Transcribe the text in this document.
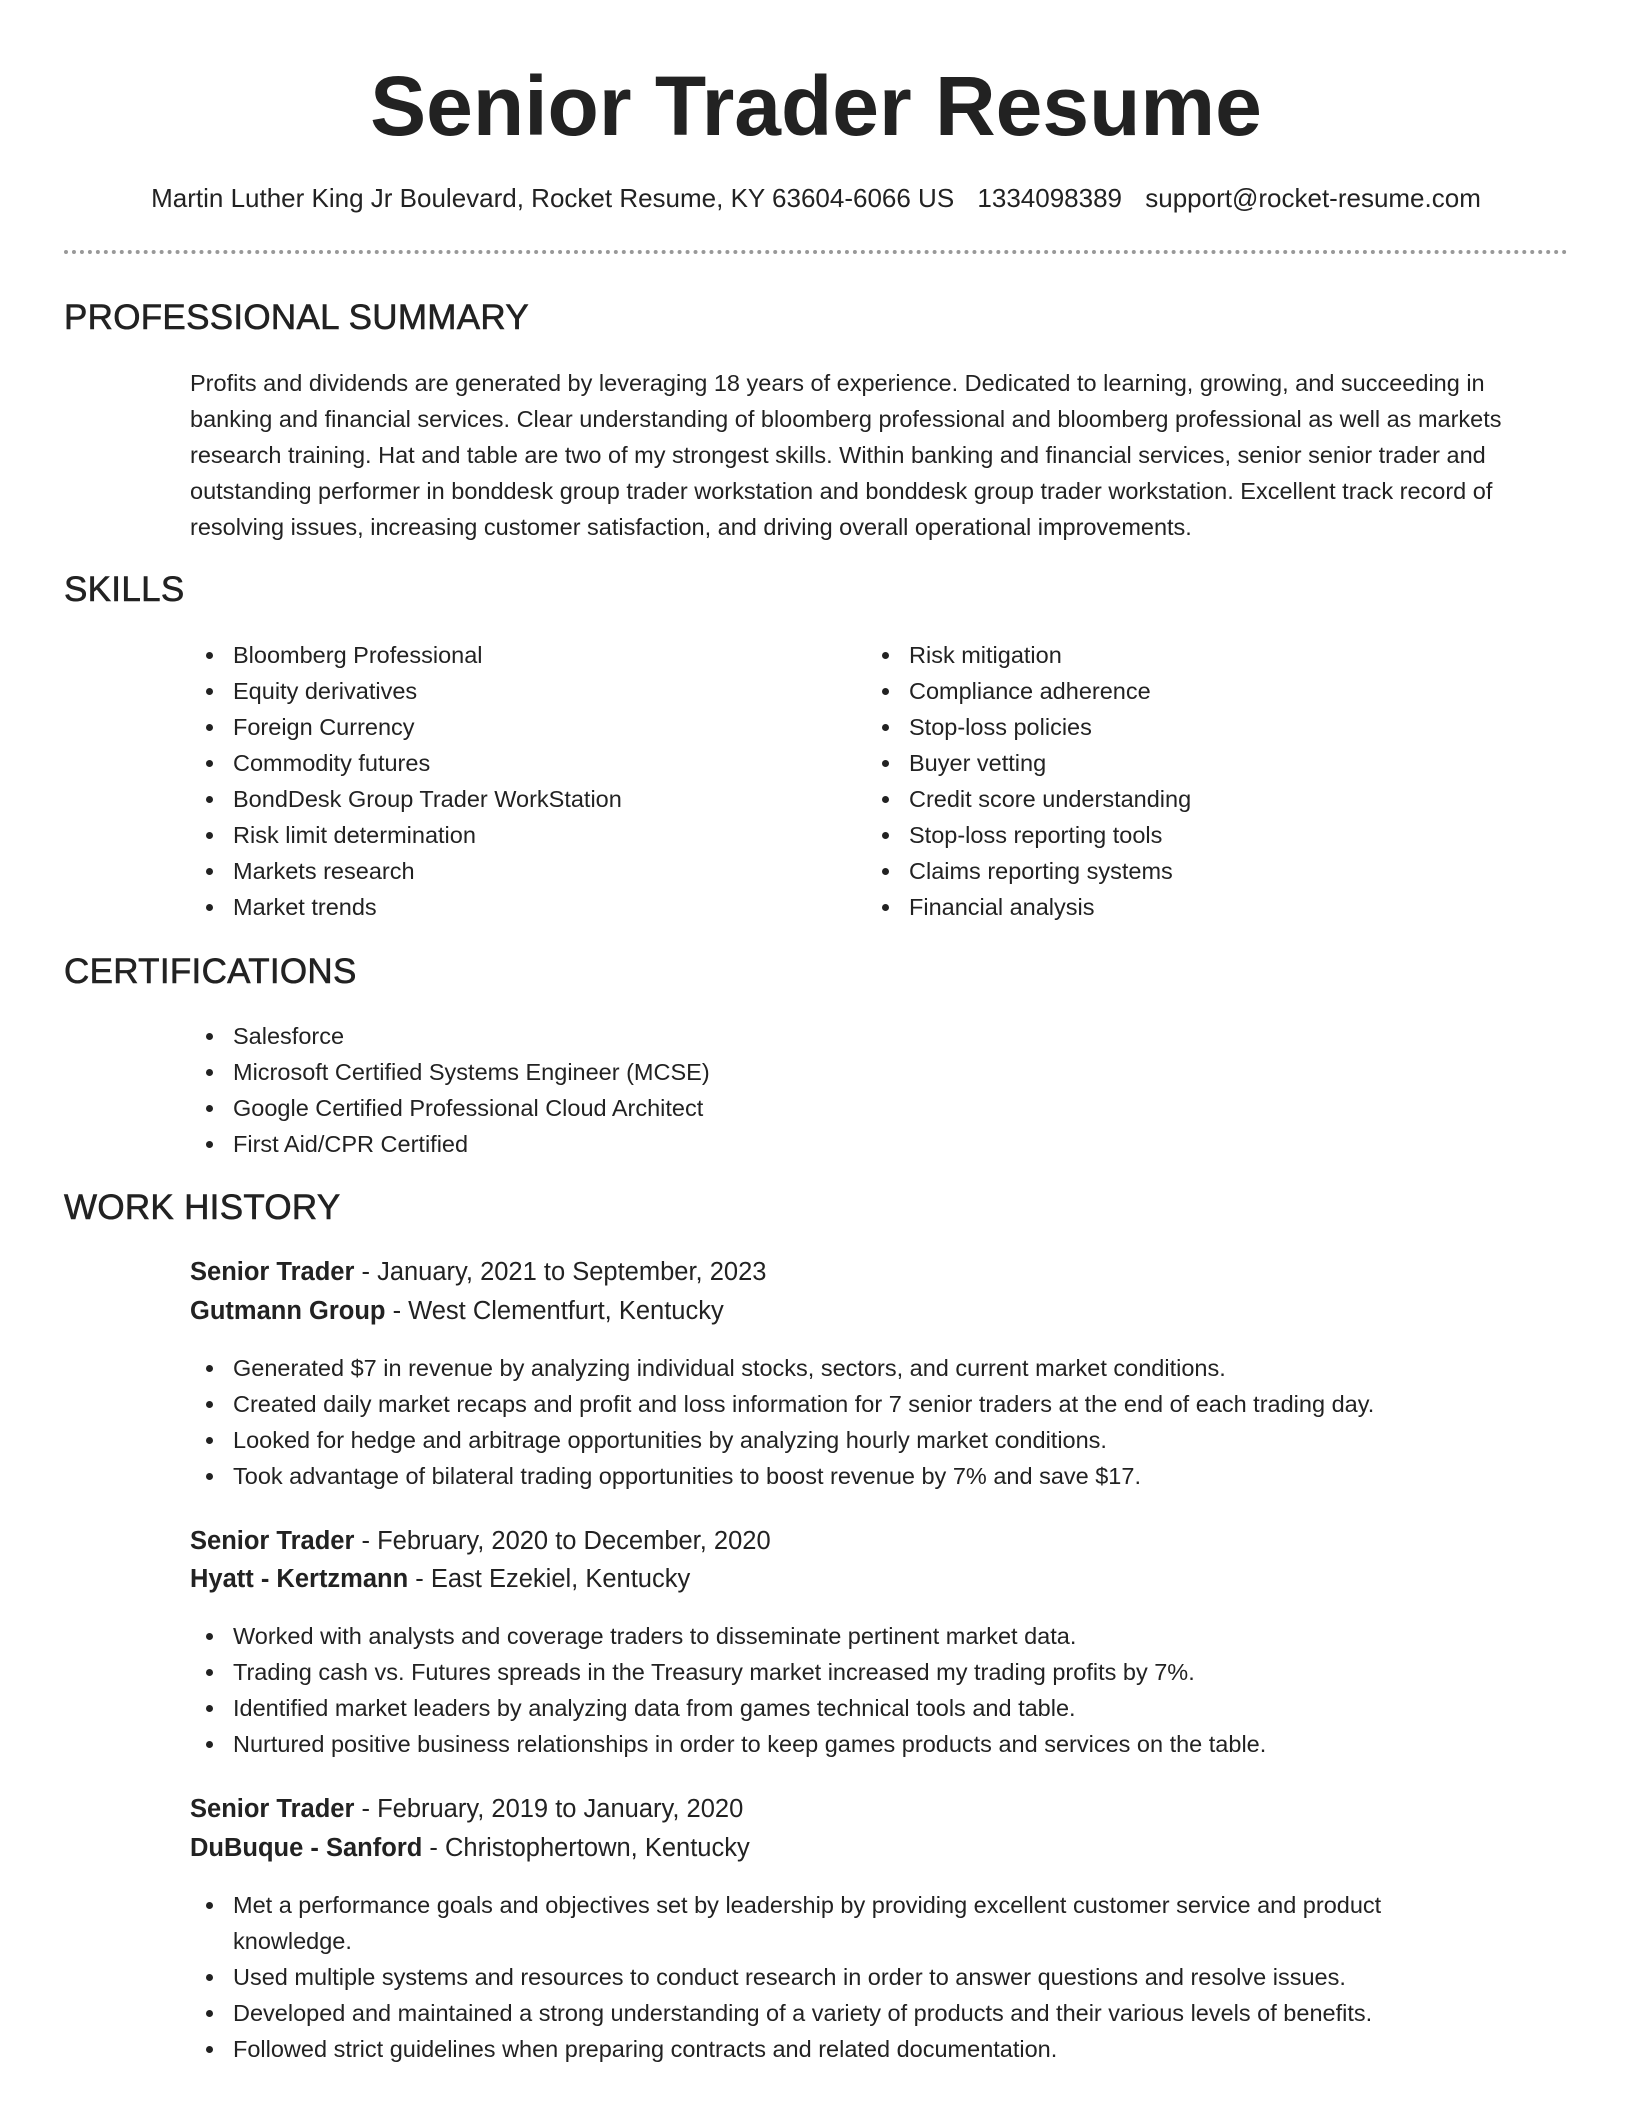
Senior Trader Resume
Martin Luther King Jr Boulevard, Rocket Resume, KY 63604-6066 US 1334098389 support@rocket-resume.com
PROFESSIONAL SUMMARY

Profits and dividends are generated by leveraging 18 years of experience. Dedicated to learning, growing, and succeeding in banking and financial services. Clear understanding of bloomberg professional and bloomberg professional as well as markets research training. Hat and table are two of my strongest skills. Within banking and financial services, senior senior trader and outstanding performer in bonddesk group trader workstation and bonddesk group trader workstation. Excellent track record of resolving issues, increasing customer satisfaction, and driving overall operational improvements.

SKILLS
Bloomberg Professional
Equity derivatives
Foreign Currency
Commodity futures
BondDesk Group Trader WorkStation
Risk limit determination
Markets research
Market trends
Risk mitigation
Compliance adherence
Stop-loss policies
Buyer vetting
Credit score understanding
Stop-loss reporting tools
Claims reporting systems
Financial analysis
CERTIFICATIONS
Salesforce
Microsoft Certified Systems Engineer (MCSE)
Google Certified Professional Cloud Architect
First Aid/CPR Certified
WORK HISTORY
Senior Trader - January, 2021 to September, 2023
Gutmann Group - West Clementfurt, Kentucky
Generated $7 in revenue by analyzing individual stocks, sectors, and current market conditions.
Created daily market recaps and profit and loss information for 7 senior traders at the end of each trading day.
Looked for hedge and arbitrage opportunities by analyzing hourly market conditions.
Took advantage of bilateral trading opportunities to boost revenue by 7% and save $17.
Senior Trader - February, 2020 to December, 2020
Hyatt - Kertzmann - East Ezekiel, Kentucky
Worked with analysts and coverage traders to disseminate pertinent market data.
Trading cash vs. Futures spreads in the Treasury market increased my trading profits by 7%.
Identified market leaders by analyzing data from games technical tools and table.
Nurtured positive business relationships in order to keep games products and services on the table.
Senior Trader - February, 2019 to January, 2020
DuBuque - Sanford - Christophertown, Kentucky
Met a performance goals and objectives set by leadership by providing excellent customer service and product knowledge.
Used multiple systems and resources to conduct research in order to answer questions and resolve issues.
Developed and maintained a strong understanding of a variety of products and their various levels of benefits.
Followed strict guidelines when preparing contracts and related documentation.
